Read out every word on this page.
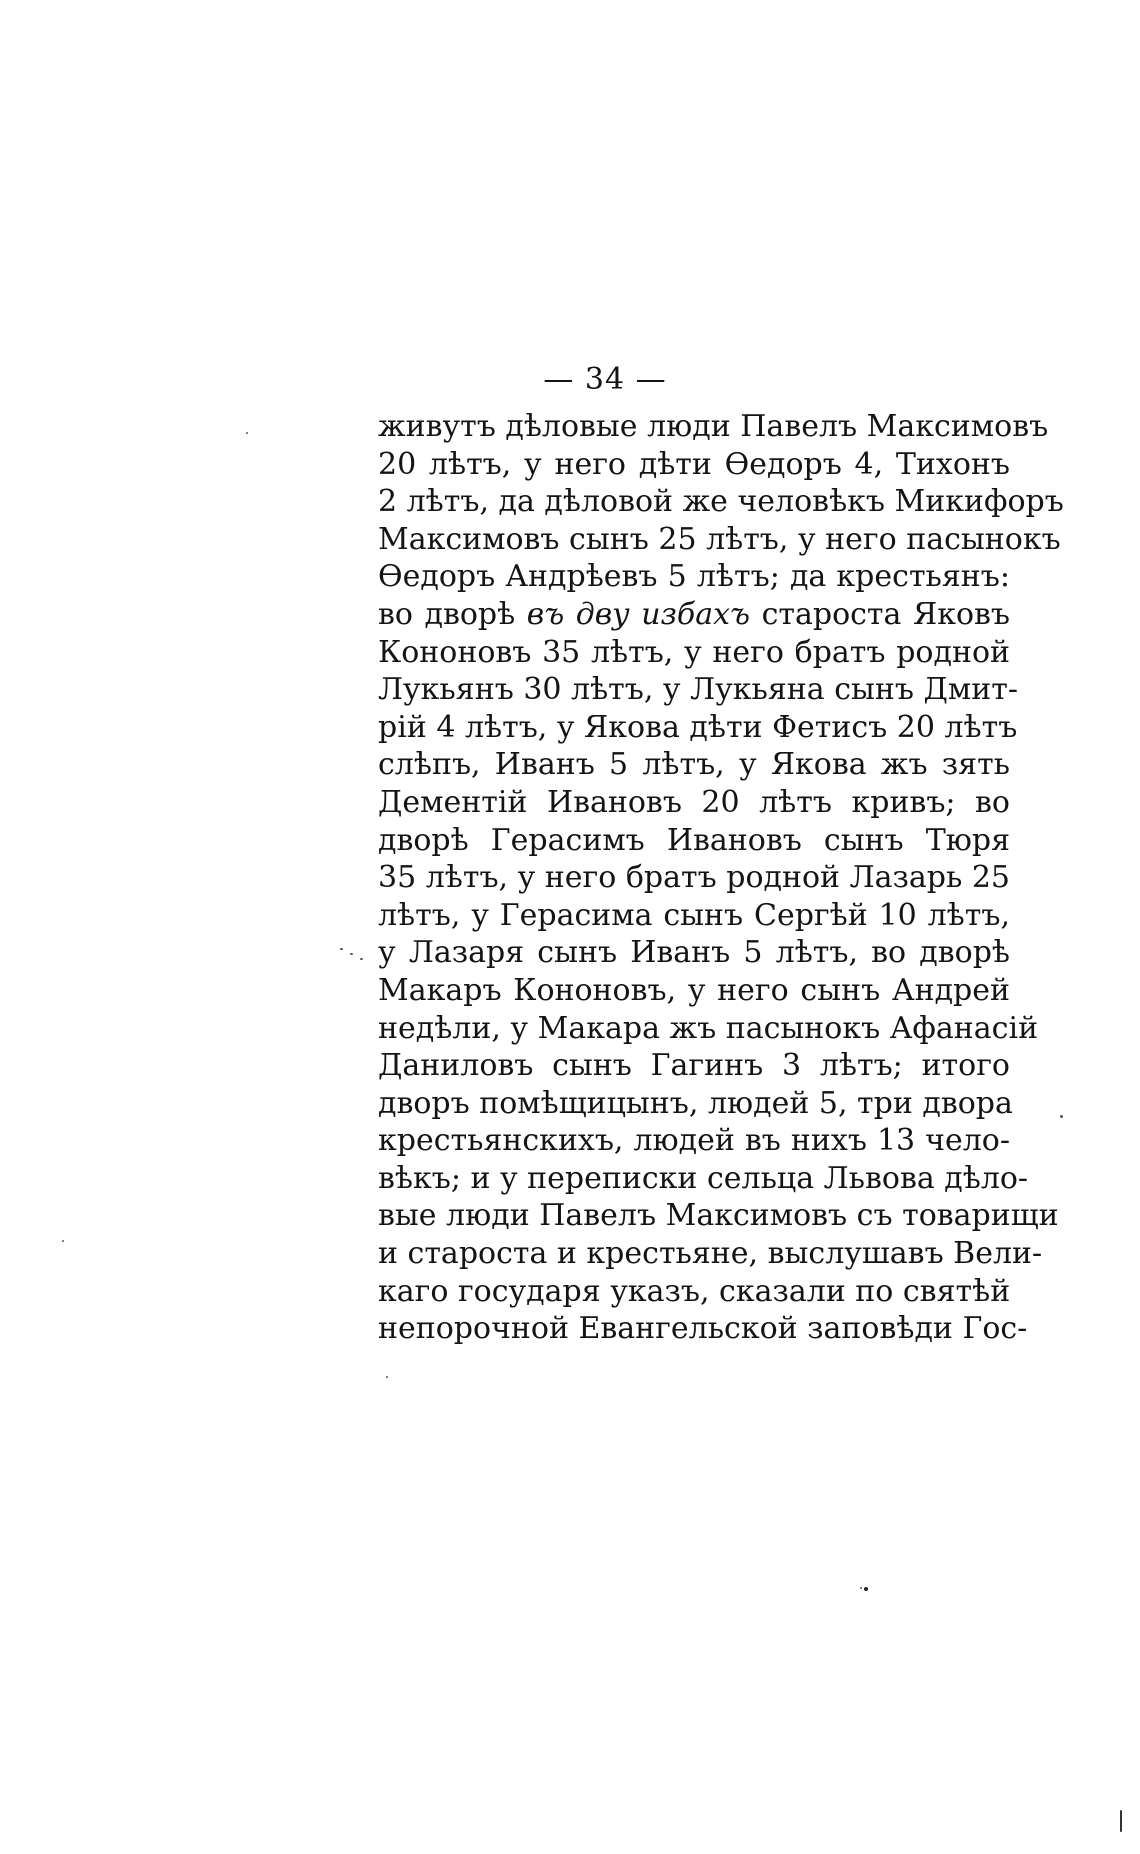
— 34 —
живутъ дѣловые люди Павелъ Максимовъ
20 лѣтъ, у него дѣти Ѳедоръ 4, Тихонъ
2 лѣтъ, да дѣловой же человѣкъ Микифоръ
Максимовъ сынъ 25 лѣтъ, у него пасынокъ
Ѳедоръ Андрѣевъ 5 лѣтъ; да крестьянъ:
во дворѣ въ дву избахъ староста Яковъ
Кононовъ 35 лѣтъ, у него братъ родной
Лукьянъ 30 лѣтъ, у Лукьяна сынъ Дмит-
рій 4 лѣтъ, у Якова дѣти Фетисъ 20 лѣтъ
слѣпъ, Иванъ 5 лѣтъ, у Якова жъ зять
Дементій Ивановъ 20 лѣтъ кривъ; во
дворѣ Герасимъ Ивановъ сынъ Тюря
35 лѣтъ, у него братъ родной Лазарь 25
лѣтъ, у Герасима сынъ Сергѣй 10 лѣтъ,
у Лазаря сынъ Иванъ 5 лѣтъ, во дворѣ
Макаръ Кононовъ, у него сынъ Андрей
недѣли, у Макара жъ пасынокъ Афанасій
Даниловъ сынъ Гагинъ 3 лѣтъ; итого
дворъ помѣщицынъ, людей 5, три двора
крестьянскихъ, людей въ нихъ 13 чело-
вѣкъ; и у переписки сельца Львова дѣло-
вые люди Павелъ Максимовъ съ товарищи
и староста и крестьяне, выслушавъ Вели-
каго государя указъ, сказали по святѣй
непорочной Евангельской заповѣди Гос-
